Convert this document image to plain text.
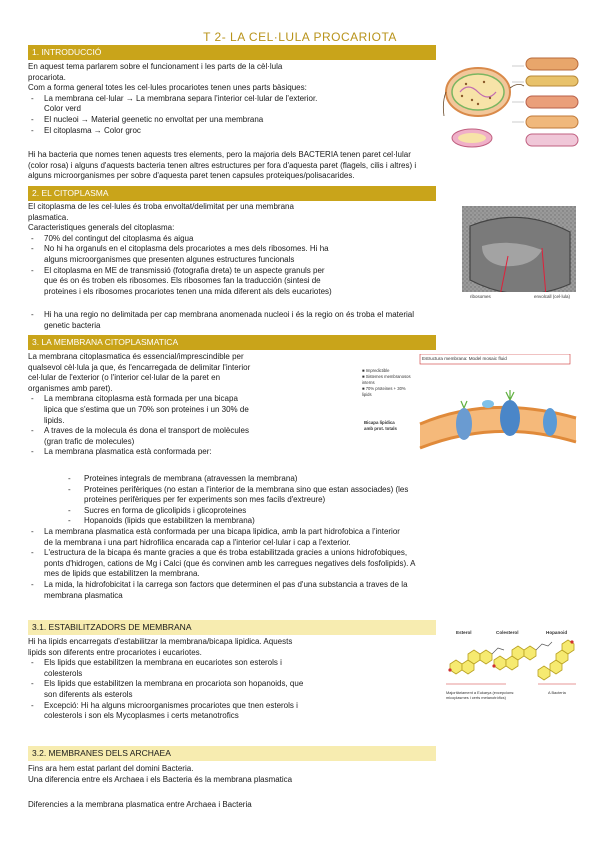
T 2- LA CEL·LULA PROCARIOTA
1. INTRODUCCIÓ
En aquest tema parlarem sobre el funcionament i les parts de la cèl·lula
procariota.
Com a forma general totes les cel·lules procariotes tenen unes parts bàsiques:
- La membrana cel·lular → La membrana separa l'interior cel·lular de l'exterior.
Color verd
- El nucleoi → Material geenetic no envoltat per una membrana
- El citoplasma → Color groc
Hi ha bacteria que nomes tenen aquests tres elements, pero la majoria dels BACTERIA tenen paret cel·lular
(color rosa) i alguns d'aquests bacteria tenen altres estructures per fora d'aquesta paret (flagels, cilis i altres) i
alguns microorganismes per sobre d'aquesta paret tenen capsules proteiques/polisacarides.
2. EL CITOPLASMA
El citoplasma de les cel·lules és troba envoltat/delimitat per una membrana
plasmatica.
Caracteristiques generals del citoplasma:
- 70% del contingut del citoplasma és aigua
- No hi ha organuls en el citoplasma dels procariotes a mes dels ribosomes. Hi ha
alguns microorganismes que presenten algunes estructures funcionals
- El citoplasma en ME de transmissió (fotografia dreta) te un aspecte granuls per
que és on és troben els ribosomes. Els ribosomes fan la traducción (sintesi de
proteines i els ribosomes procariotes tenen una mida diferent als dels eucariotes)
- Hi ha una regio no delimitada per cap membrana anomenada nucleoi i és la regio on és troba el material
genetic bacteria
ribosomes	envolcall (cel·lula)
3. LA MEMBRANA CITOPLASMATICA
La membrana citoplasmatica és essencial/imprescindible per
qualsevol cèl·lula ja que, és l'encarregada de delimitar l'interior
cel·lular de l'exterior (o l'interior cel·lular de la paret en
organismes amb paret).
- La membrana citoplasma està formada per una bicapa
lipica que s'estima que un 70% son proteines i un 30% de
lipids.
- A traves de la molecula és dona el transport de molècules
(gran trafic de molecules)
- La membrana plasmatica està conformada per:
- Proteines integrals de membrana (atravessen la membrana)
- Proteines perifèriques (no estan a l'interior de la membrana sino que estan associades) (les
proteines perifèriques per fer experiments son mes facils d'extreure)
- Sucres en forma de glicolipids i glicoproteines
- Hopanoids (lipids que estabilitzen la membrana)
- La membrana plasmatica està conformada per una bicapa lipidica, amb la part hidrofobica a l'interior
de la membrana i una part hidrofilica encarada cap a l'interior cel·lular i cap a l'exterior.
- L'estructura de la bicapa és mante gracies a que és troba estabilitzada gracies a unions hidrofobiques,
ponts d'hidrogen, cations de Mg i Calci (que és convinen amb les carregues negatives dels fosfolipids). A
mes de lipids que estabilitzen la membrana.
- La mida, la hidrofobicitat i la carrega son factors que determinen el pas d'una substancia a traves de la
membrana plasmatica
Estructura membrana: Model mosaic fluid
■ Impredictible
■ Sistemes membranosos
interns
■ 70% proteines + 30%
lipids
Bicapa lipidica
amb prot. totals
3.1. ESTABILITZADORS DE MEMBRANA
Hi ha lipids encarregats d'estabilitzar la membrana/bicapa lipidica. Aquests
lipids son diferents entre procariotes i eucariotes.
- Els lipids que estabilitzen la membrana en eucariotes son esterols i
colesterols
- Els lipids que estabilitzen la membrana en procariota son hopanoids, que
son diferents als esterols
- Excepció: Hi ha alguns microorganismes procariotes que tnen esterols i
colesterols i son els Mycoplasmes i certs metanotrofics
Esterol	Colesterol	Hopanoid
Majoritàriament a Eukarya (excepcions:
micoplasmes i certs metanotròfics)
A Bacteria
3.2. MEMBRANES DELS ARCHAEA
Fins ara hem estat parlant del domini Bacteria.
Una diferencia entre els Archaea i els Bacteria és la membrana plasmatica
Diferencies a la membrana plasmatica entre Archaea i Bacteria
